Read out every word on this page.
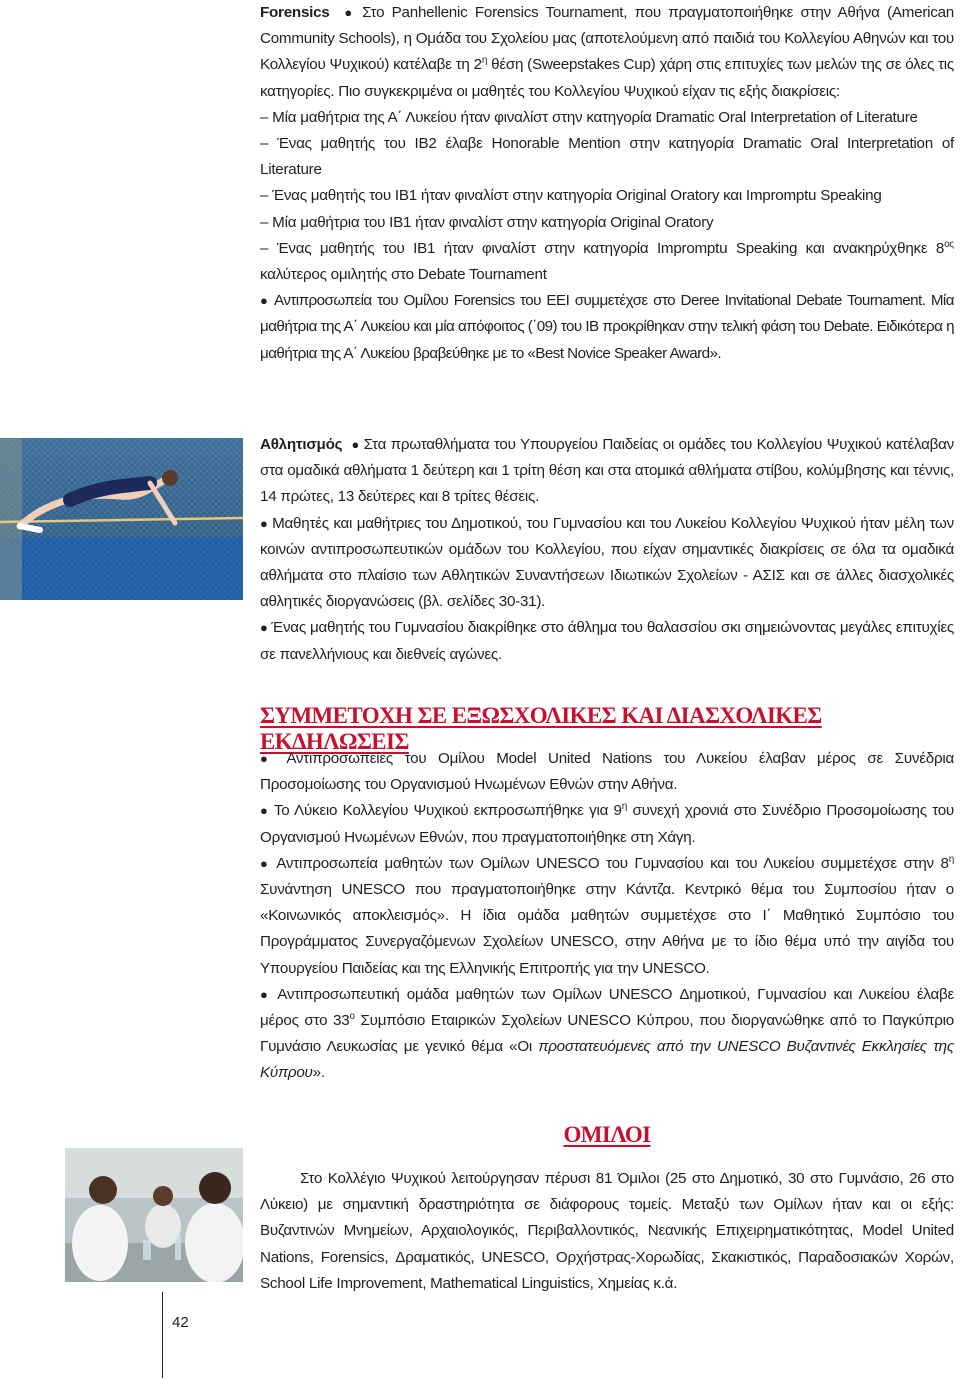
Forensics ● Στο Panhellenic Forensics Tournament, που πραγματοποιήθηκε στην Αθήνα (American Community Schools), η Ομάδα του Σχολείου μας (αποτελούμενη από παιδιά του Κολλεγίου Αθηνών και του Κολλεγίου Ψυχικού) κατέλαβε τη $2^\eta$ θέση (Sweepstakes Cup) χάρη στις επιτυχίες των μελών της σε όλες τις κατηγορίες. Πιο συγκεκριμένα οι μαθητές του Κολλεγίου Ψυχικού είχαν τις εξής διακρίσεις:

– Μία μαθήτρια της Α΄ Λυκείου ήταν φιναλίστ στην κατηγορία Dramatic Oral Interpretation of Literature

– Ένας μαθητής του ΙΒ2 έλαβε Honorable Mention στην κατηγορία Dramatic Oral Interpretation of Literature

– Ένας μαθητής του ΙΒ1 ήταν φιναλίστ στην κατηγορία Original Oratory και Impromptu Speaking

– Μία μαθήτρια του ΙΒ1 ήταν φιναλίστ στην κατηγορία Original Oratory

– Ένας μαθητής του ΙΒ1 ήταν φιναλίστ στην κατηγορία Impromptu Speaking και ανακηρύχθηκε $8^{o\varsigma}$ καλύτερος ομιλητής στο Debate Tournament

● Αντιπροσωπεία του Ομίλου Forensics του ΕΕΙ συμμετέχσε στο Deree Invitational Debate Tournament. Μία μαθήτρια της Α΄ Λυκείου και μία απόφοιτος (΄09) του ΙΒ προκρίθηκαν στην τελική φάση του Debate. Ειδικότερα η μαθήτρια της Α΄ Λυκείου βραβεύθηκε με το «Best Novice Speaker Award».

Αθλητισμός ● Στα πρωταθλήματα του Υπουργείου Παιδείας οι ομάδες του Κολλεγίου Ψυχικού κατέλαβαν στα ομαδικά αθλήματα 1 δεύτερη και 1 τρίτη θέση και στα ατομικά αθλήματα στίβου, κολύμβησης και τέννις, 14 πρώτες, 13 δεύτερες και 8 τρίτες θέσεις.

● Μαθητές και μαθήτριες του Δημοτικού, του Γυμνασίου και του Λυκείου Κολλεγίου Ψυχικού ήταν μέλη των κοινών αντιπροσωπευτικών ομάδων του Κολλεγίου, που είχαν σημαντικές διακρίσεις σε όλα τα ομαδικά αθλήματα στο πλαίσιο των Αθλητικών Συναντήσεων Ιδιωτικών Σχολείων - ΑΣΙΣ και σε άλλες διασχολικές αθλητικές διοργανώσεις (βλ. σελίδες 30-31).

● Ένας μαθητής του Γυμνασίου διακρίθηκε στο άθλημα του θαλασσίου σκι σημειώνοντας μεγάλες επιτυχίες σε πανελλήνιους και διεθνείς αγώνες.

ΣΥΜΜΕΤΟΧΗ ΣΕ ΕΞΩΣΧΟΛΙΚΕΣ ΚΑΙ ΔΙΑΣΧΟΛΙΚΕΣ ΕΚΔΗΛΩΣΕΙΣ

● Αντιπροσωπείες του Ομίλου Model United Nations του Λυκείου έλαβαν μέρος σε Συνέδρια Προσομοίωσης του Οργανισμού Ηνωμένων Εθνών στην Αθήνα.

● Το Λύκειο Κολλεγίου Ψυχικού εκπροσωπήθηκε για $9^\eta$ συνεχή χρονιά στο Συνέδριο Προσομοίωσης του Οργανισμού Ηνωμένων Εθνών, που πραγματοποιήθηκε στη Χάγη.

● Αντιπροσωπεία μαθητών των Ομίλων UNESCO του Γυμνασίου και του Λυκείου συμμετέχσε στην $8^\eta$ Συνάντηση UNESCO που πραγματοποιήθηκε στην Κάντζα. Κεντρικό θέμα του Συμποσίου ήταν ο «Κοινωνικός αποκλεισμός». Η ίδια ομάδα μαθητών συμμετέχσε στο Ι΄ Μαθητικό Συμπόσιο του Προγράμματος Συνεργαζόμενων Σχολείων UNESCO, στην Αθήνα με το ίδιο θέμα υπό την αιγίδα του Υπουργείου Παιδείας και της Ελληνικής Επιτροπής για την UNESCO.

● Αντιπροσωπευτική ομάδα μαθητών των Ομίλων UNESCO Δημοτικού, Γυμνασίου και Λυκείου έλαβε μέρος στο $33^o$ Συμπόσιο Εταιρικών Σχολείων UNESCO Κύπρου, που διοργανώθηκε από το Παγκύπριο Γυμνάσιο Λευκωσίας με γενικό θέμα «Οι προστατευόμενες από την UNESCO Βυζαντινές Εκκλησίες της Κύπρου».

ΟΜΙΛΟΙ

Στο Κολλέγιο Ψυχικού λειτούργησαν πέρυσι 81 Όμιλοι (25 στο Δημοτικό, 30 στο Γυμνάσιο, 26 στο Λύκειο) με σημαντική δραστηριότητα σε διάφορους τομείς. Μεταξύ των Ομίλων ήταν και οι εξής: Βυζαντινών Μνημείων, Αρχαιολογικός, Περιβαλλοντικός, Νεανικής Επιχειρηματικότητας, Model United Nations, Forensics, Δραματικός, UNESCO, Ορχήστρας-Χορωδίας, Σκακιστικός, Παραδοσιακών Χορών, School Life Improvement, Mathematical Linguistics, Χημείας κ.ά.

42
